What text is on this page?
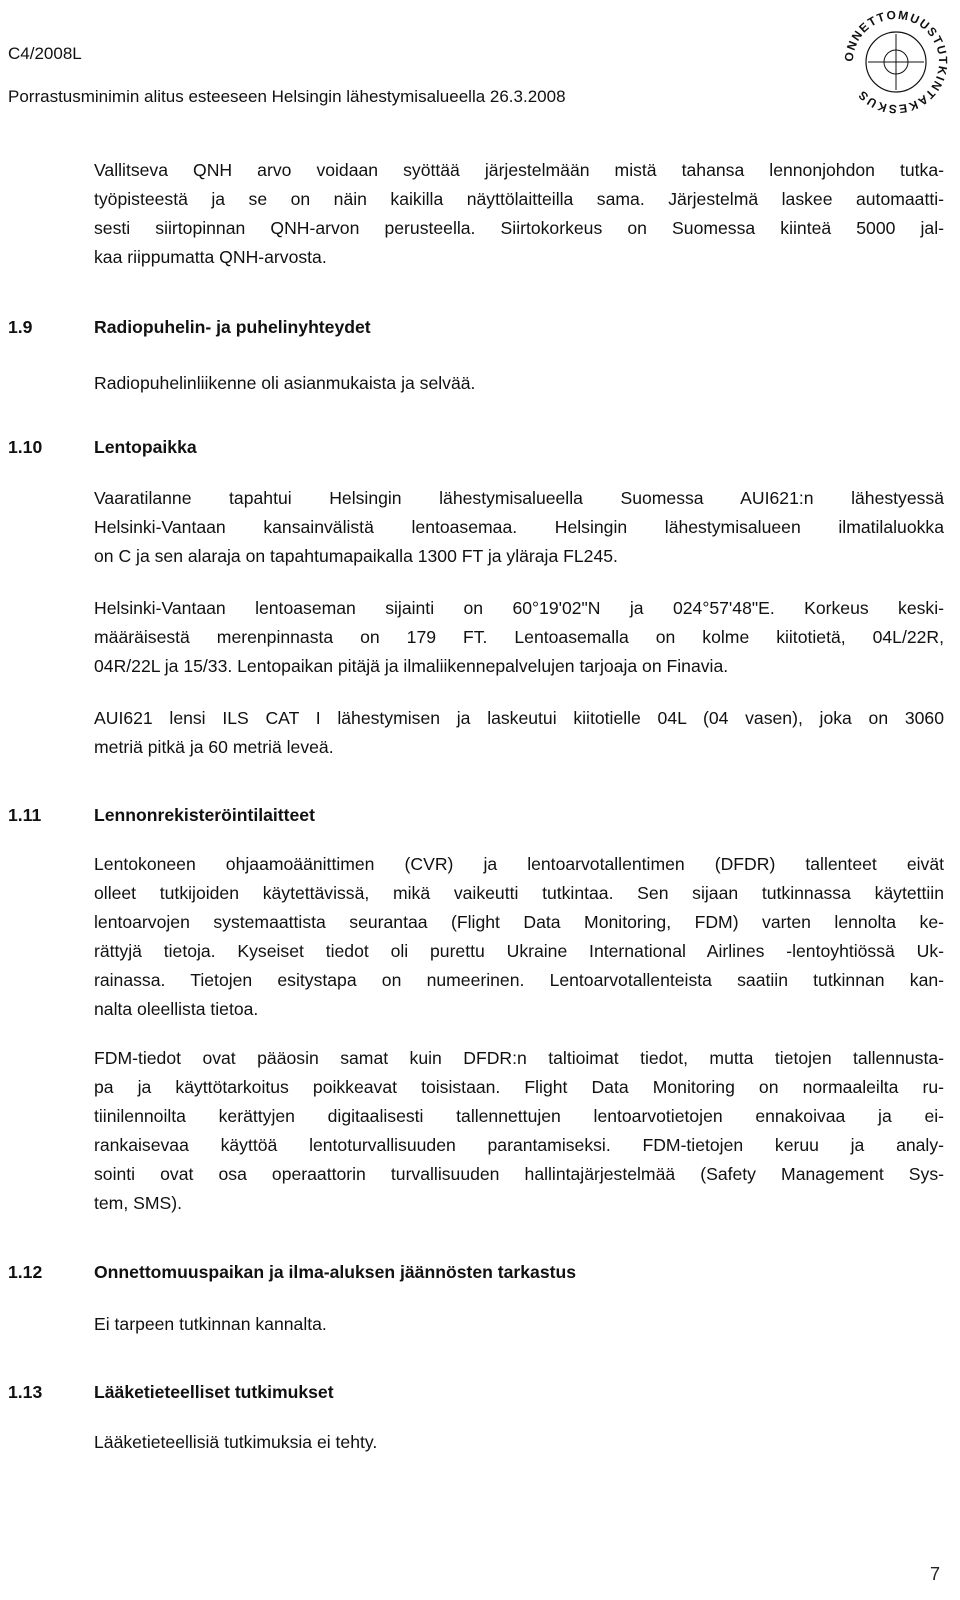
C4/2008L
Porrastusminimin alitus esteeseen Helsingin lähestymisalueella 26.3.2008
ONNETTOMUUSTUTKINTAKESKUS
Vallitseva QNH arvo voidaan syöttää järjestelmään mistä tahansa lennonjohdon tutka-
työpisteestä ja se on näin kaikilla näyttölaitteilla sama. Järjestelmä laskee automaatti-
sesti siirtopinnan QNH-arvon perusteella. Siirtokorkeus on Suomessa kiinteä 5000 jal-
kaa riippumatta QNH-arvosta.
1.9	Radiopuhelin- ja puhelinyhteydet
Radiopuhelinliikenne oli asianmukaista ja selvää.
1.10	Lentopaikka
Vaaratilanne tapahtui Helsingin lähestymisalueella Suomessa AUI621:n lähestyessä
Helsinki-Vantaan kansainvälistä lentoasemaa. Helsingin lähestymisalueen ilmatilaluokka
on C ja sen alaraja on tapahtumapaikalla 1300 FT ja yläraja FL245.
Helsinki-Vantaan lentoaseman sijainti on 60°19'02"N ja 024°57'48"E. Korkeus keski-
määräisestä merenpinnasta on 179 FT. Lentoasemalla on kolme kiitotietä, 04L/22R,
04R/22L ja 15/33. Lentopaikan pitäjä ja ilmaliikennepalvelujen tarjoaja on Finavia.
AUI621 lensi ILS CAT I lähestymisen ja laskeutui kiitotielle 04L (04 vasen), joka on 3060
metriä pitkä ja 60 metriä leveä.
1.11	Lennonrekisteröintilaitteet
Lentokoneen ohjaamoäänittimen (CVR) ja lentoarvotallentimen (DFDR) tallenteet eivät
olleet tutkijoiden käytettävissä, mikä vaikeutti tutkintaa. Sen sijaan tutkinnassa käytettiin
lentoarvojen systemaattista seurantaa (Flight Data Monitoring, FDM) varten lennolta ke-
rättyjä tietoja. Kyseiset tiedot oli purettu Ukraine International Airlines -lentoyhtiössä Uk-
rainassa. Tietojen esitystapa on numeerinen. Lentoarvotallenteista saatiin tutkinnan kan-
nalta oleellista tietoa.
FDM-tiedot ovat pääosin samat kuin DFDR:n taltioimat tiedot, mutta tietojen tallennusta-
pa ja käyttötarkoitus poikkeavat toisistaan. Flight Data Monitoring on normaaleilta ru-
tiinilennoilta kerättyjen digitaalisesti tallennettujen lentoarvotietojen ennakoivaa ja ei-
rankaisevaa käyttöä lentoturvallisuuden parantamiseksi. FDM-tietojen keruu ja analy-
sointi ovat osa operaattorin turvallisuuden hallintajärjestelmää (Safety Management Sys-
tem, SMS).
1.12	Onnettomuuspaikan ja ilma-aluksen jäännösten tarkastus
Ei tarpeen tutkinnan kannalta.
1.13	Lääketieteelliset tutkimukset
Lääketieteellisiä tutkimuksia ei tehty.
7
